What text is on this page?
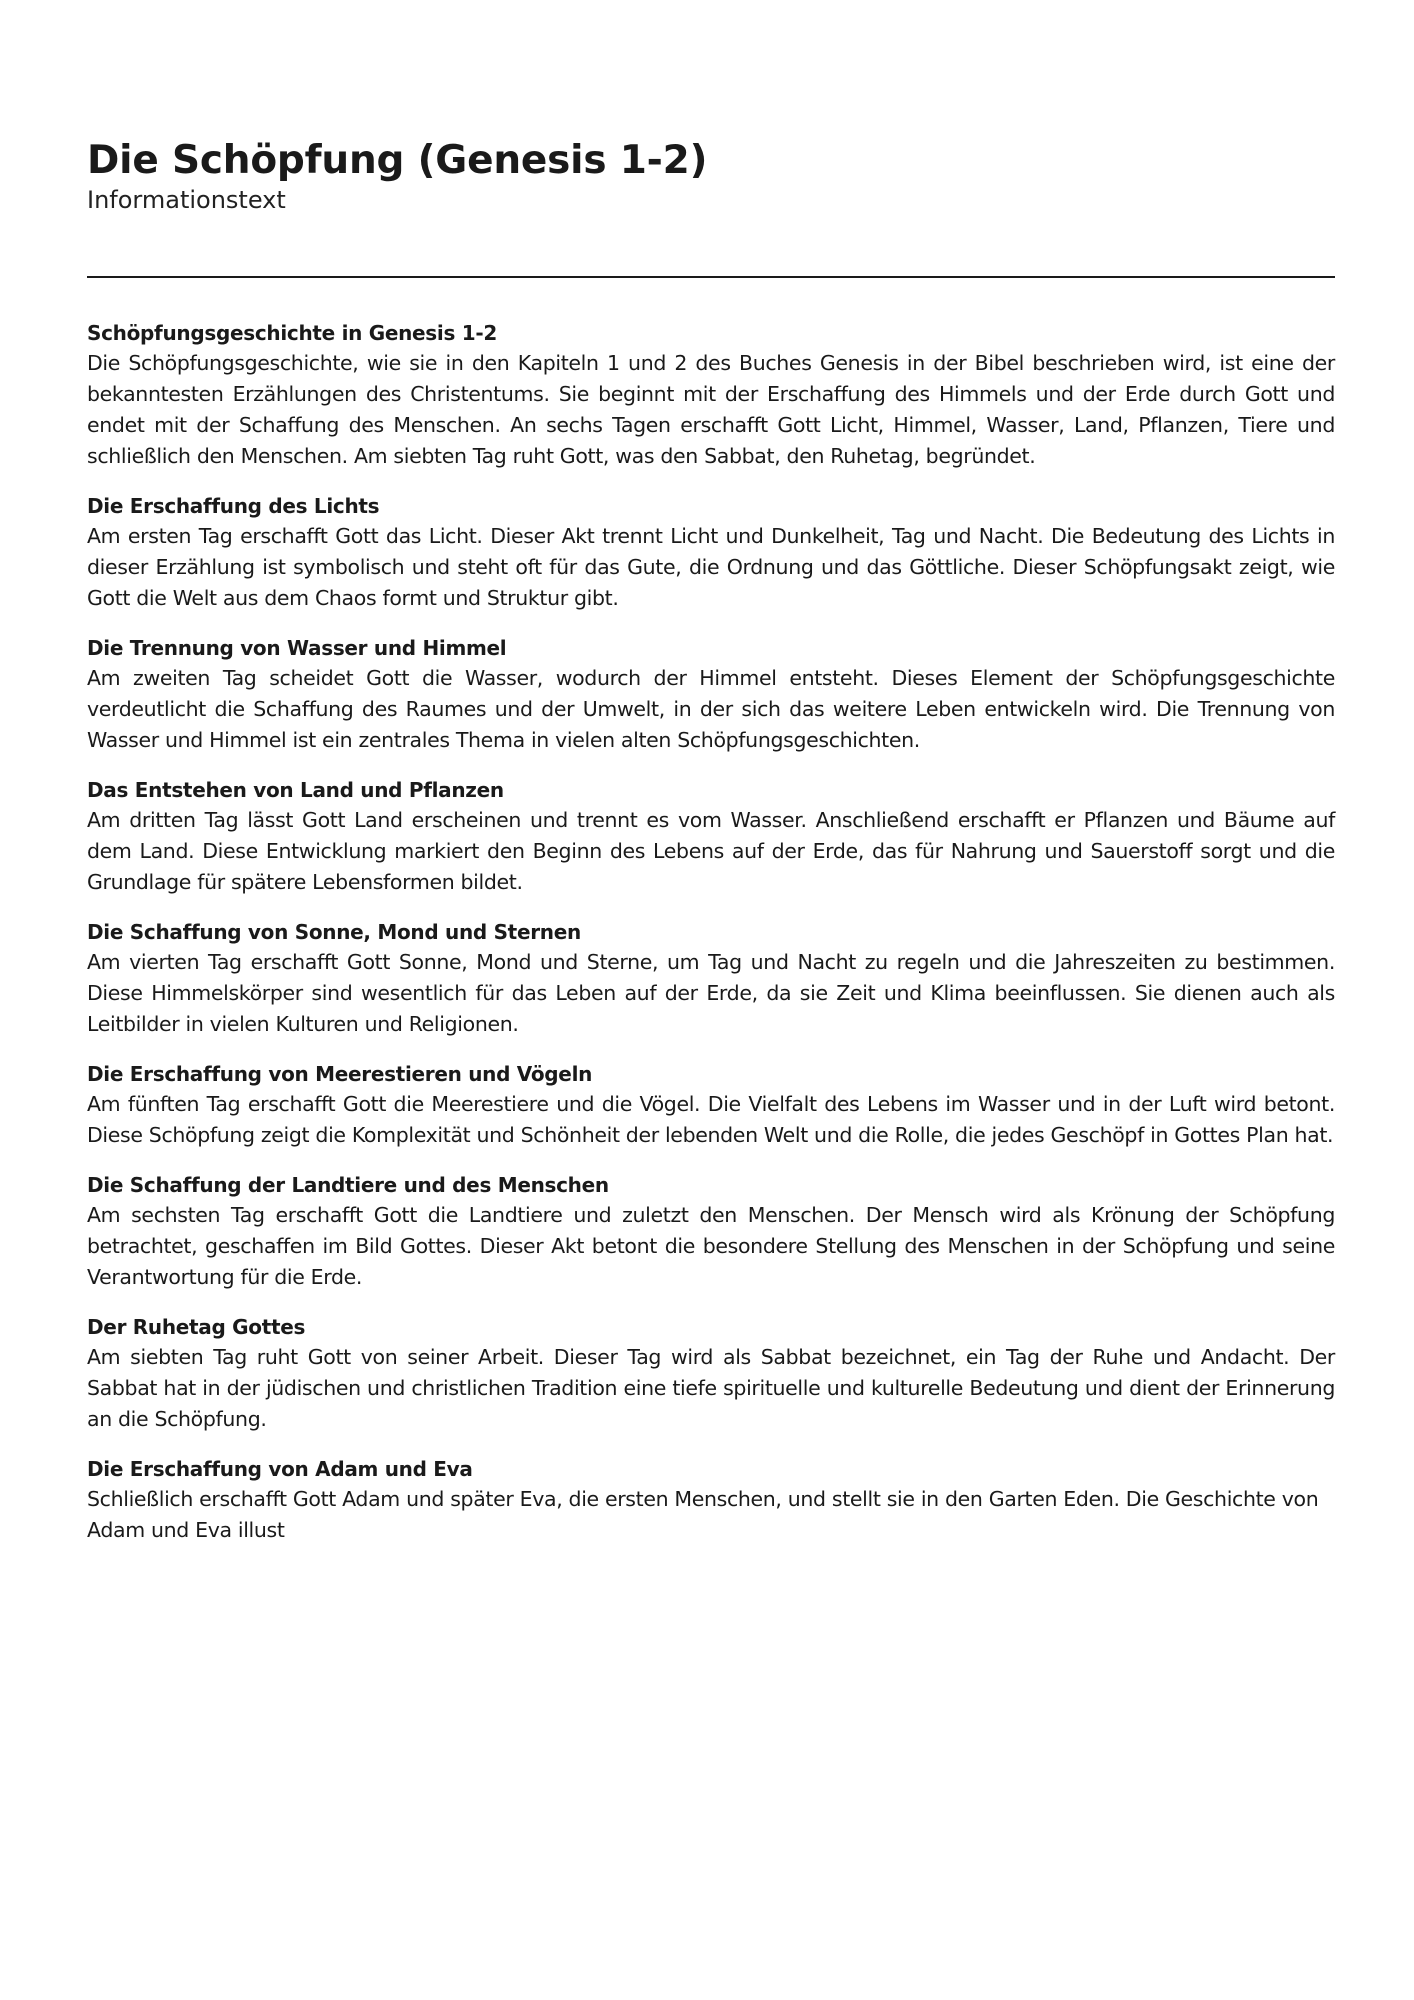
Die Schöpfung (Genesis 1-2)

Informationstext

Schöpfungsgeschichte in Genesis 1-2

Die Schöpfungsgeschichte, wie sie in den Kapiteln 1 und 2 des Buches Genesis in der Bibel beschrieben wird, ist eine der bekanntesten Erzählungen des Christentums. Sie beginnt mit der Erschaffung des Himmels und der Erde durch Gott und endet mit der Schaffung des Menschen. An sechs Tagen erschafft Gott Licht, Himmel, Wasser, Land, Pflanzen, Tiere und schließlich den Menschen. Am siebten Tag ruht Gott, was den Sabbat, den Ruhetag, begründet.

Die Erschaffung des Lichts

Am ersten Tag erschafft Gott das Licht. Dieser Akt trennt Licht und Dunkelheit, Tag und Nacht. Die Bedeutung des Lichts in dieser Erzählung ist symbolisch und steht oft für das Gute, die Ordnung und das Göttliche. Dieser Schöpfungsakt zeigt, wie Gott die Welt aus dem Chaos formt und Struktur gibt.

Die Trennung von Wasser und Himmel

Am zweiten Tag scheidet Gott die Wasser, wodurch der Himmel entsteht. Dieses Element der Schöpfungsgeschichte verdeutlicht die Schaffung des Raumes und der Umwelt, in der sich das weitere Leben entwickeln wird. Die Trennung von Wasser und Himmel ist ein zentrales Thema in vielen alten Schöpfungsgeschichten.

Das Entstehen von Land und Pflanzen

Am dritten Tag lässt Gott Land erscheinen und trennt es vom Wasser. Anschließend erschafft er Pflanzen und Bäume auf dem Land. Diese Entwicklung markiert den Beginn des Lebens auf der Erde, das für Nahrung und Sauerstoff sorgt und die Grundlage für spätere Lebensformen bildet.

Die Schaffung von Sonne, Mond und Sternen

Am vierten Tag erschafft Gott Sonne, Mond und Sterne, um Tag und Nacht zu regeln und die Jahreszeiten zu bestimmen. Diese Himmelskörper sind wesentlich für das Leben auf der Erde, da sie Zeit und Klima beeinflussen. Sie dienen auch als Leitbilder in vielen Kulturen und Religionen.

Die Erschaffung von Meerestieren und Vögeln

Am fünften Tag erschafft Gott die Meerestiere und die Vögel. Die Vielfalt des Lebens im Wasser und in der Luft wird betont. Diese Schöpfung zeigt die Komplexität und Schönheit der lebenden Welt und die Rolle, die jedes Geschöpf in Gottes Plan hat.

Die Schaffung der Landtiere und des Menschen

Am sechsten Tag erschafft Gott die Landtiere und zuletzt den Menschen. Der Mensch wird als Krönung der Schöpfung betrachtet, geschaffen im Bild Gottes. Dieser Akt betont die besondere Stellung des Menschen in der Schöpfung und seine Verantwortung für die Erde.

Der Ruhetag Gottes

Am siebten Tag ruht Gott von seiner Arbeit. Dieser Tag wird als Sabbat bezeichnet, ein Tag der Ruhe und Andacht. Der Sabbat hat in der jüdischen und christlichen Tradition eine tiefe spirituelle und kulturelle Bedeutung und dient der Erinnerung an die Schöpfung.

Die Erschaffung von Adam und Eva

Schließlich erschafft Gott Adam und später Eva, die ersten Menschen, und stellt sie in den Garten Eden. Die Geschichte von Adam und Eva illust
